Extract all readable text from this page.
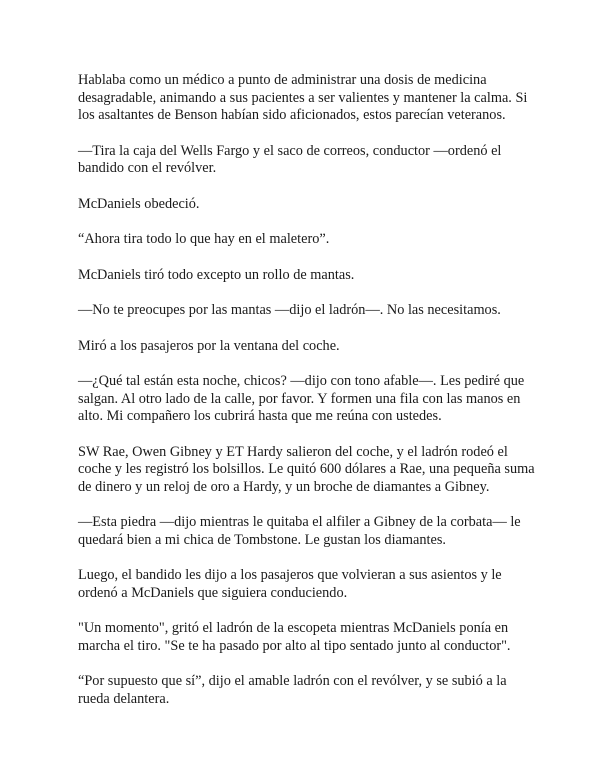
Hablaba como un médico a punto de administrar una dosis de medicina desagradable, animando a sus pacientes a ser valientes y mantener la calma. Si los asaltantes de Benson habían sido aficionados, estos parecían veteranos.

—Tira la caja del Wells Fargo y el saco de correos, conductor —ordenó el bandido con el revólver.

McDaniels obedeció.

“Ahora tira todo lo que hay en el maletero”.

McDaniels tiró todo excepto un rollo de mantas.

—No te preocupes por las mantas —dijo el ladrón—. No las necesitamos.

Miró a los pasajeros por la ventana del coche.

—¿Qué tal están esta noche, chicos? —dijo con tono afable—. Les pediré que salgan. Al otro lado de la calle, por favor. Y formen una fila con las manos en alto. Mi compañero los cubrirá hasta que me reúna con ustedes.

SW Rae, Owen Gibney y ET Hardy salieron del coche, y el ladrón rodeó el coche y les registró los bolsillos. Le quitó 600 dólares a Rae, una pequeña suma de dinero y un reloj de oro a Hardy, y un broche de diamantes a Gibney.

—Esta piedra —dijo mientras le quitaba el alfiler a Gibney de la corbata— le quedará bien a mi chica de Tombstone. Le gustan los diamantes.

Luego, el bandido les dijo a los pasajeros que volvieran a sus asientos y le ordenó a McDaniels que siguiera conduciendo.

"Un momento", gritó el ladrón de la escopeta mientras McDaniels ponía en marcha el tiro. "Se te ha pasado por alto al tipo sentado junto al conductor".

“Por supuesto que sí”, dijo el amable ladrón con el revólver, y se subió a la rueda delantera.
